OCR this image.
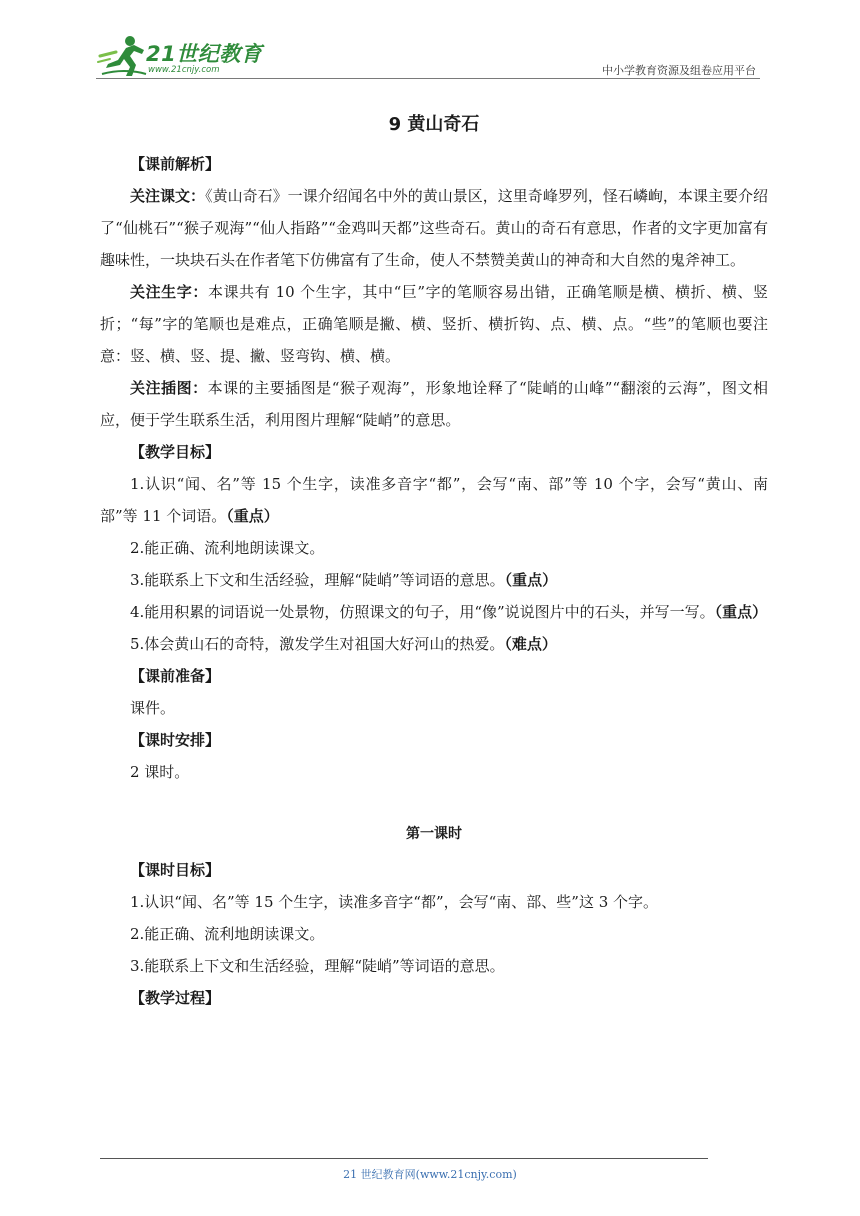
21世纪教育
www.21cnjy.com	中小学教育资源及组卷应用平台
9 黄山奇石

【课前解析】

关注课文：《黄山奇石》一课介绍闻名中外的黄山景区，这里奇峰罗列，怪石嶙峋，本课主要介绍了“仙桃石”“猴子观海”“仙人指路”“金鸡叫天都”这些奇石。黄山的奇石有意思，作者的文字更加富有趣味性，一块块石头在作者笔下仿佛富有了生命，使人不禁赞美黄山的神奇和大自然的鬼斧神工。

关注生字：本课共有 10 个生字，其中“巨”字的笔顺容易出错，正确笔顺是横、横折、横、竖折；“每”字的笔顺也是难点，正确笔顺是撇、横、竖折、横折钩、点、横、点。“些”的笔顺也要注意：竖、横、竖、提、撇、竖弯钩、横、横。

关注插图：本课的主要插图是“猴子观海”，形象地诠释了“陡峭的山峰”“翻滚的云海”，图文相应，便于学生联系生活，利用图片理解“陡峭”的意思。

【教学目标】

1.认识“闻、名”等 15 个生字，读准多音字“都”，会写“南、部”等 10 个字，会写“黄山、南部”等 11 个词语。（重点）

2.能正确、流利地朗读课文。

3.能联系上下文和生活经验，理解“陡峭”等词语的意思。（重点）

4.能用积累的词语说一处景物，仿照课文的句子，用“像”说说图片中的石头，并写一写。（重点）

5.体会黄山石的奇特，激发学生对祖国大好河山的热爱。（难点）

【课前准备】

课件。

【课时安排】

2 课时。

第一课时

【课时目标】

1.认识“闻、名”等 15 个生字，读准多音字“都”，会写“南、部、些”这 3 个字。

2.能正确、流利地朗读课文。

3.能联系上下文和生活经验，理解“陡峭”等词语的意思。

【教学过程】

21 世纪教育网(www.21cnjy.com)
